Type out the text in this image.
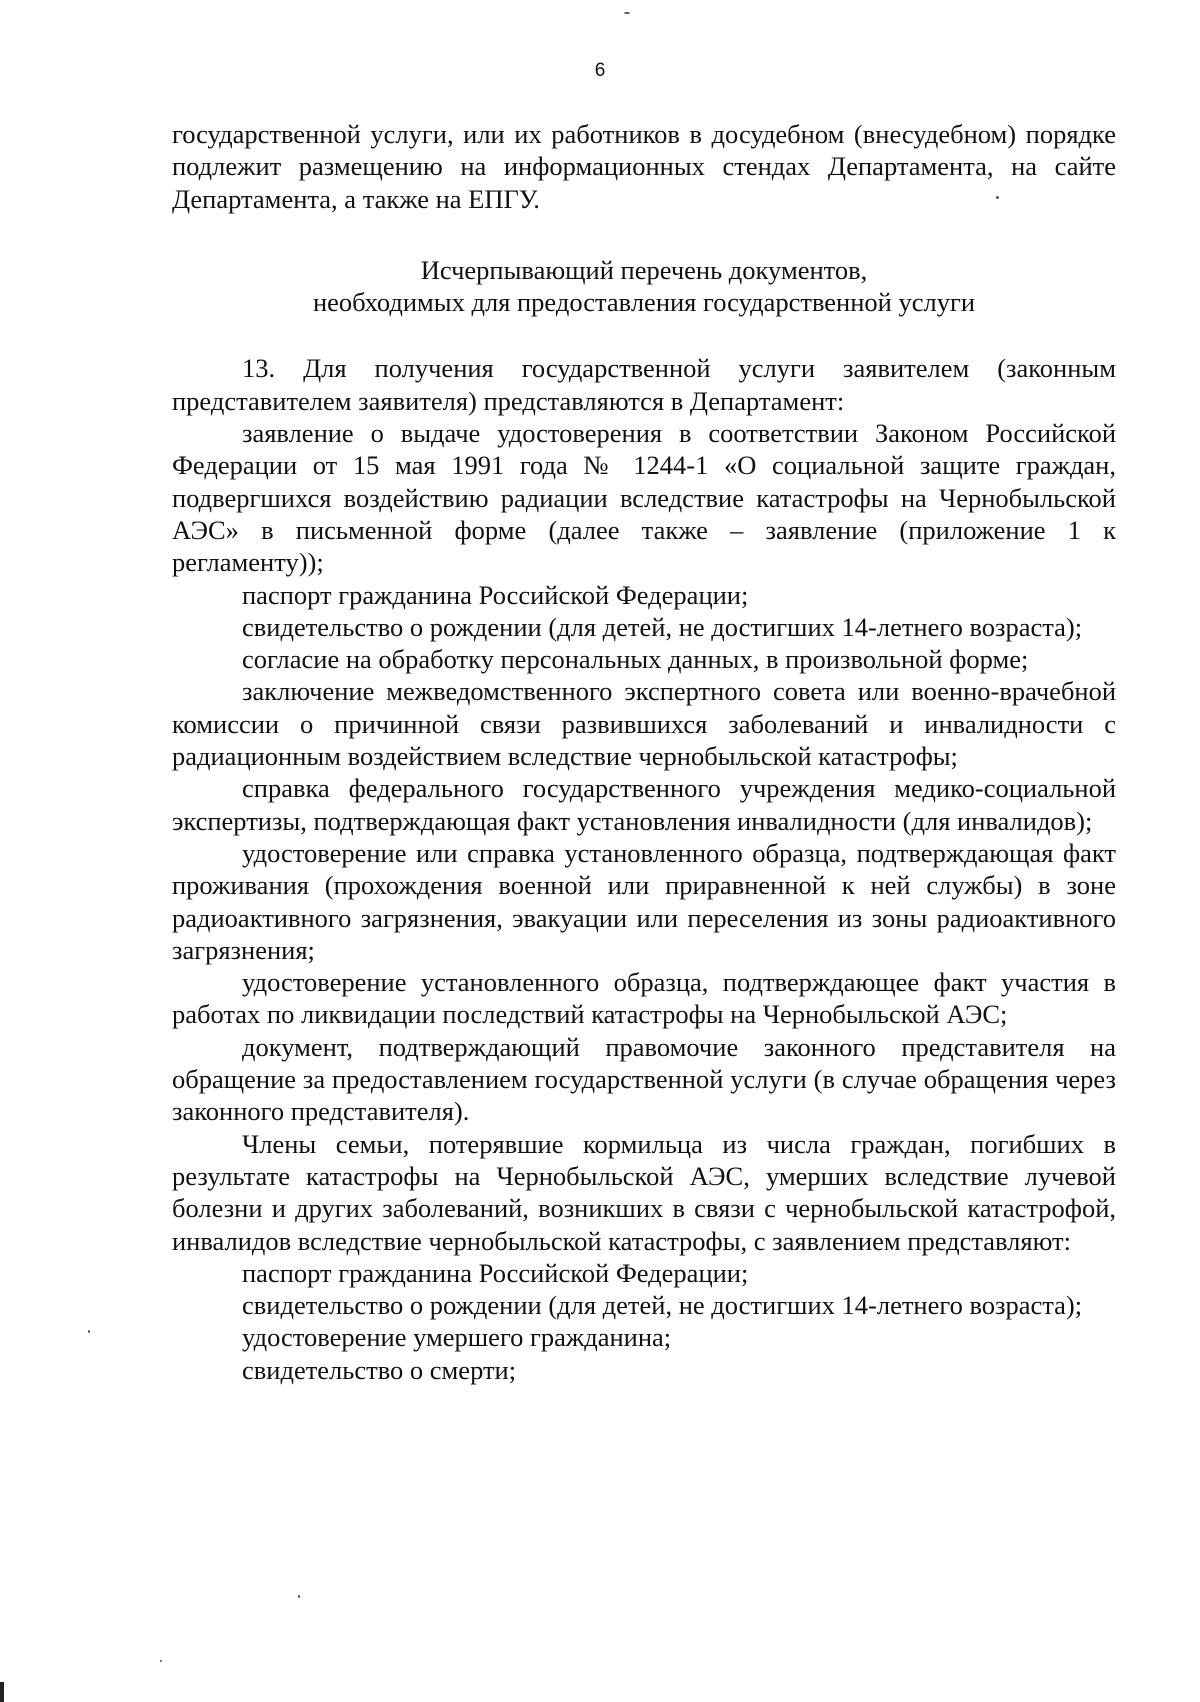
6

государственной услуги, или их работников в досудебном (внесудебном) порядке подлежит размещению на информационных стендах Департамента, на сайте Департамента, а также на ЕПГУ.

Исчерпывающий перечень документов,

необходимых для предоставления государственной услуги

13. Для получения государственной услуги заявителем (законным представителем заявителя) представляются в Департамент:

заявление о выдаче удостоверения в соответствии Законом Российской Федерации от 15 мая 1991 года № 1244-1 «О социальной защите граждан, подвергшихся воздействию радиации вследствие катастрофы на Чернобыльской АЭС» в письменной форме (далее также – заявление (приложение 1 к регламенту));

паспорт гражданина Российской Федерации;

свидетельство о рождении (для детей, не достигших 14-летнего возраста);

согласие на обработку персональных данных, в произвольной форме;

заключение межведомственного экспертного совета или военно-врачебной комиссии о причинной связи развившихся заболеваний и инвалидности с радиационным воздействием вследствие чернобыльской катастрофы;

справка федерального государственного учреждения медико-социальной экспертизы, подтверждающая факт установления инвалидности (для инвалидов);

удостоверение или справка установленного образца, подтверждающая факт проживания (прохождения военной или приравненной к ней службы) в зоне радиоактивного загрязнения, эвакуации или переселения из зоны радиоактивного загрязнения;

удостоверение установленного образца, подтверждающее факт участия в работах по ликвидации последствий катастрофы на Чернобыльской АЭС;

документ, подтверждающий правомочие законного представителя на обращение за предоставлением государственной услуги (в случае обращения через законного представителя).

Члены семьи, потерявшие кормильца из числа граждан, погибших в результате катастрофы на Чернобыльской АЭС, умерших вследствие лучевой болезни и других заболеваний, возникших в связи с чернобыльской катастрофой, инвалидов вследствие чернобыльской катастрофы, с заявлением представляют:

паспорт гражданина Российской Федерации;

свидетельство о рождении (для детей, не достигших 14-летнего возраста);

удостоверение умершего гражданина;

свидетельство о смерти;
